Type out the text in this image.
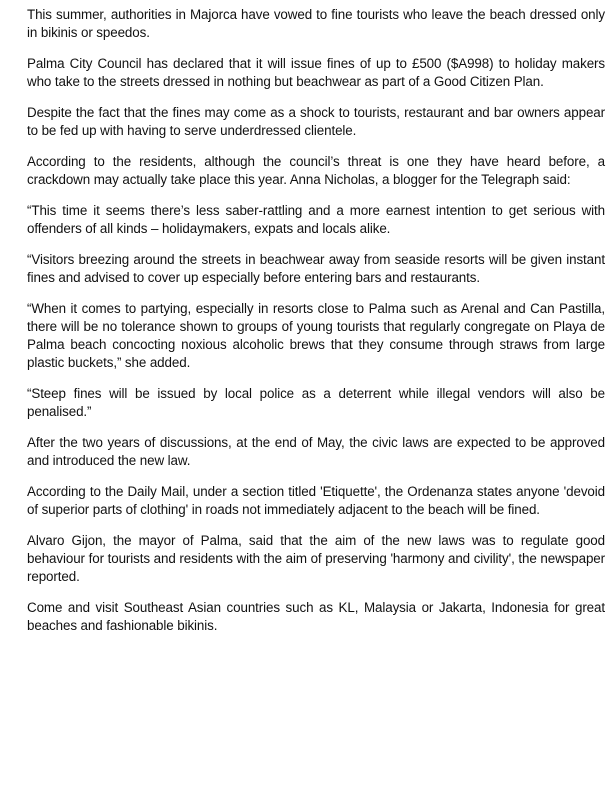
This summer, authorities in Majorca have vowed to fine tourists who leave the beach dressed only in bikinis or speedos.

Palma City Council has declared that it will issue fines of up to £500 ($A998) to holiday makers who take to the streets dressed in nothing but beachwear as part of a Good Citizen Plan.

Despite the fact that the fines may come as a shock to tourists, restaurant and bar owners appear to be fed up with having to serve underdressed clientele.

According to the residents, although the council’s threat is one they have heard before, a crackdown may actually take place this year. Anna Nicholas, a blogger for the Telegraph said:

“This time it seems there’s less saber-rattling and a more earnest intention to get serious with offenders of all kinds – holidaymakers, expats and locals alike.

“Visitors breezing around the streets in beachwear away from seaside resorts will be given instant fines and advised to cover up especially before entering bars and restaurants.

“When it comes to partying, especially in resorts close to Palma such as Arenal and Can Pastilla, there will be no tolerance shown to groups of young tourists that regularly congregate on Playa de Palma beach concocting noxious alcoholic brews that they consume through straws from large plastic buckets,” she added.

“Steep fines will be issued by local police as a deterrent while illegal vendors will also be penalised.”

After the two years of discussions, at the end of May, the civic laws are expected to be approved and introduced the new law.

According to the Daily Mail, under a section titled 'Etiquette', the Ordenanza states anyone 'devoid of superior parts of clothing' in roads not immediately adjacent to the beach will be fined.

Alvaro Gijon, the mayor of Palma, said that the aim of the new laws was to regulate good behaviour for tourists and residents with the aim of preserving 'harmony and civility', the newspaper reported.

Come and visit Southeast Asian countries such as KL, Malaysia or Jakarta, Indonesia for great beaches and fashionable bikinis.
